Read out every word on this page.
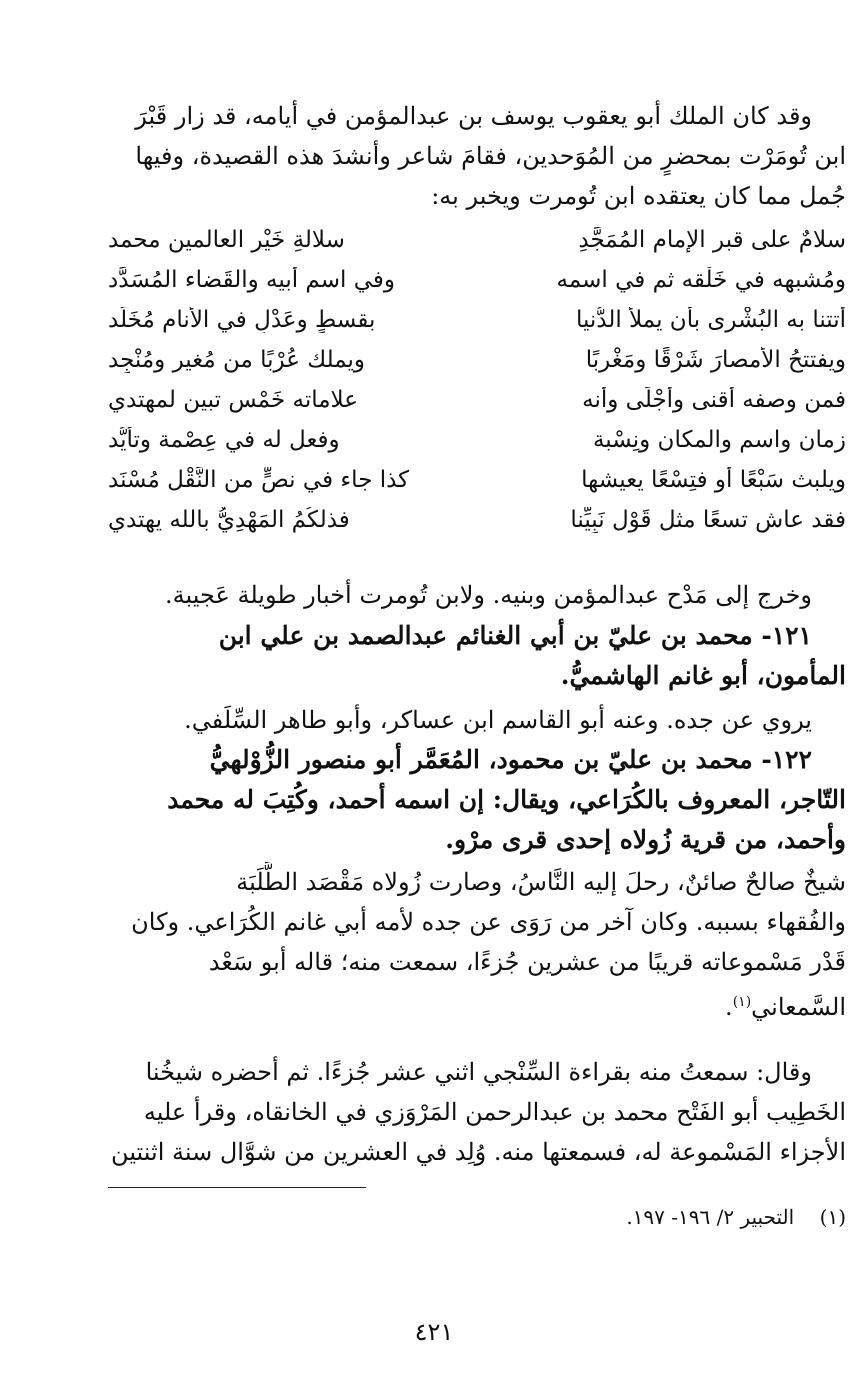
وقد كان الملك أبو يعقوب يوسف بن عبدالمؤمن في أيامه، قد زار قَبْرَ
ابن تُومَرْت بمحضرٍ من المُوَحدين، فقامَ شاعر وأنشدَ هذه القصيدة، وفيها
جُمل مما كان يعتقده ابن تُومرت ويخبر به:
سلامٌ على قبر الإمام المُمَجَّدِ
سلالةِ خَيْرِ العالمين محمد
ومُشبهه في خَلْقه ثم في اسمه
وفي اسم أبيه والقَضاء المُسَدَّد
أتتنا به البُشْرى بأن يملأ الدُّنيا
بقسطٍ وعَدْلٍ في الأنام مُخَلَّد
ويفتتحُ الأمصارَ شَرْقًا ومَغْرِبًا
ويملك عُرْبًا من مُغيرٍ ومُنْجِد
فمن وصفه أقنى وأجْلَى وأنه
علاماته خَمْس تبين لمهتدي
زمان واسم والمكان ونِسْبة
وفعل له في عِصْمة وتأيُّد
ويلبث سَبْعًا أو فتِسْعًا يعيشها
كذا جاء في نصٍّ من النَّقْل مُسْنَد
فقد عاش تسعًا مثل قَوْل نَبِيِّنا
فذلكُمُ المَهْدِيُّ بالله يهتدي
وخرج إلى مَدْح عبدالمؤمن وبنيه. ولابن تُومرت أخبار طويلة عَجيبة.
١٢١- محمد بن عليّ بن أبي الغنائم عبدالصمد بن علي ابن
المأمون، أبو غانم الهاشميُّ.
يروي عن جده. وعنه أبو القاسم ابن عساكر، وأبو طاهر السِّلَفي.
١٢٢- محمد بن عليّ بن محمود، المُعَمَّر أبو منصور الزُّوْلهيُّ
التّاجر، المعروف بالكُرَاعي، ويقال: إن اسمه أحمد، وكُتِبَ له محمد
وأحمد، من قرية زُولاه إحدى قرى مرْو.
شيخٌ صالحٌ صائنٌ، رحلَ إليه النَّاسُ، وصارت زُولاه مَقْصَد الطَّلَبَة
والفُقهاء بسببه. وكان آخر من رَوَى عن جده لأمه أبي غانم الكُرَاعي. وكان
قَدْر مَسْموعاته قريبًا من عشرين جُزءًا، سمعت منه؛ قاله أبو سَعْد
السَّمعاني$^{(١)}$.
وقال: سمعتُ منه بقراءة السِّنْجي اثني عشر جُزءًا. ثم أحضره شيخُنا
الخَطِيب أبو الفَتْح محمد بن عبدالرحمن المَرْوَزي في الخانقاه، وقرأ عليه
الأجزاء المَسْموعة له، فسمعتها منه. وُلِد في العشرين من شوَّال سنة اثنتين
(١)    التحبير ٢/ ١٩٦- ١٩٧.
٤٢١
